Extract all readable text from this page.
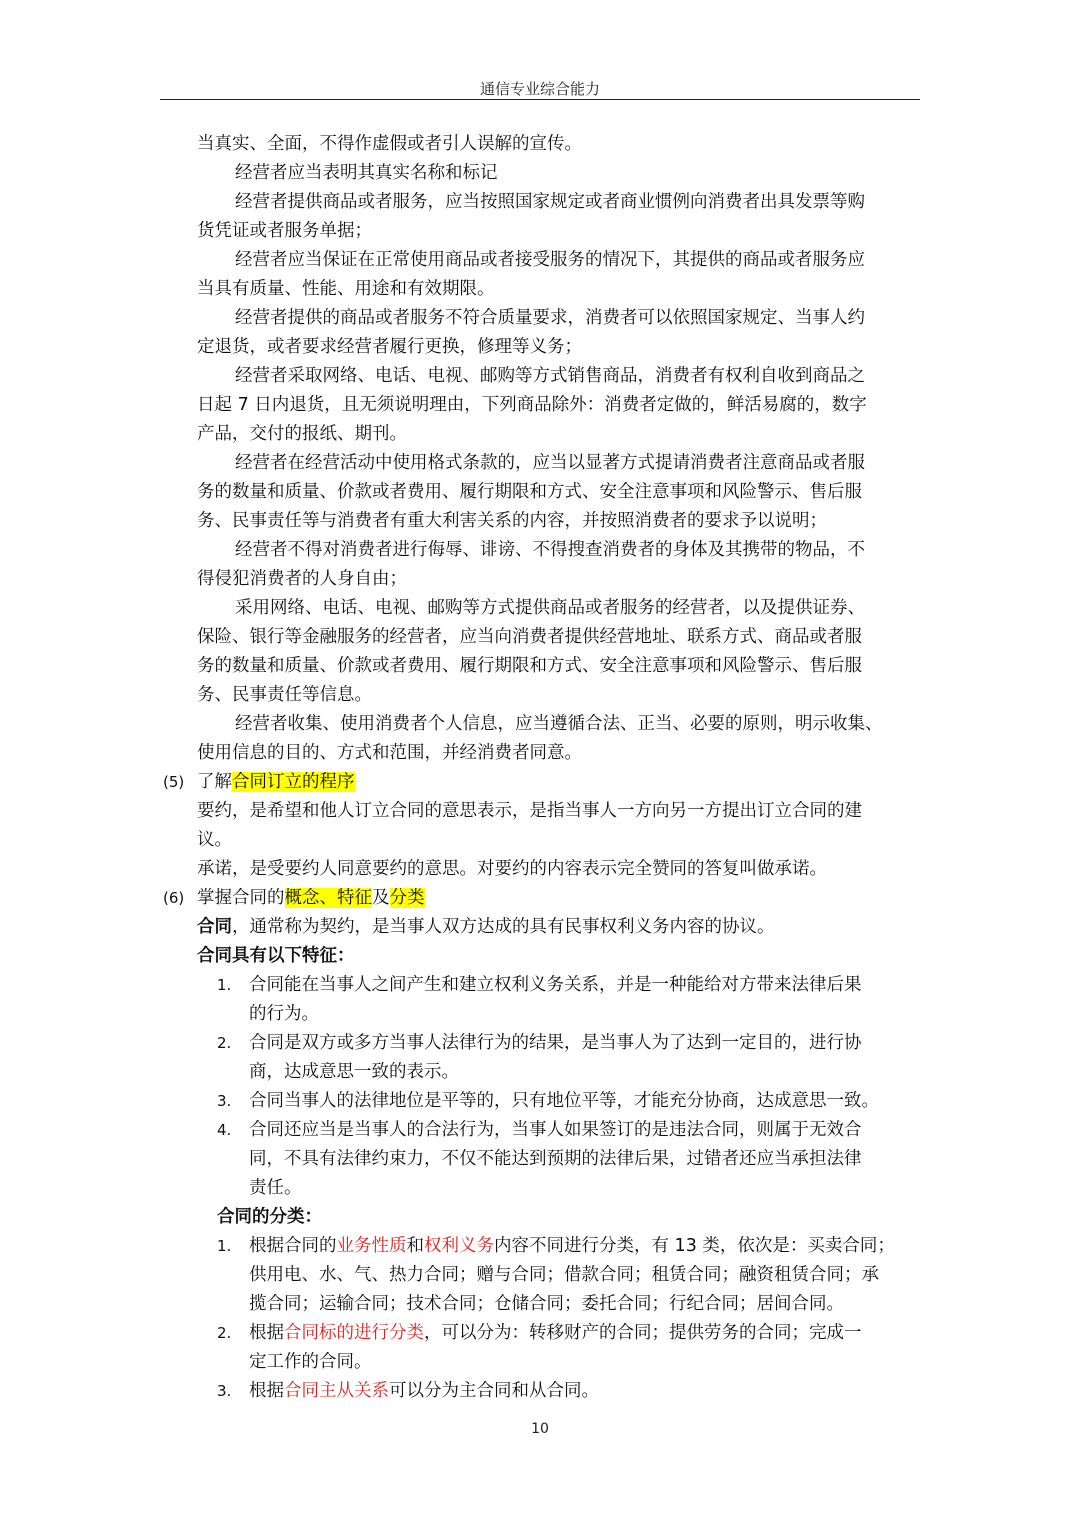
通信专业综合能力
当真实、全面，不得作虚假或者引人误解的宣传。
经营者应当表明其真实名称和标记
经营者提供商品或者服务，应当按照国家规定或者商业惯例向消费者出具发票等购
货凭证或者服务单据；
经营者应当保证在正常使用商品或者接受服务的情况下，其提供的商品或者服务应
当具有质量、性能、用途和有效期限。
经营者提供的商品或者服务不符合质量要求，消费者可以依照国家规定、当事人约
定退货，或者要求经营者履行更换，修理等义务；
经营者采取网络、电话、电视、邮购等方式销售商品，消费者有权利自收到商品之
日起 7 日内退货，且无须说明理由，下列商品除外：消费者定做的，鲜活易腐的，数字
产品，交付的报纸、期刊。
经营者在经营活动中使用格式条款的，应当以显著方式提请消费者注意商品或者服
务的数量和质量、价款或者费用、履行期限和方式、安全注意事项和风险警示、售后服
务、民事责任等与消费者有重大利害关系的内容，并按照消费者的要求予以说明；
经营者不得对消费者进行侮辱、诽谤、不得搜查消费者的身体及其携带的物品，不
得侵犯消费者的人身自由；
采用网络、电话、电视、邮购等方式提供商品或者服务的经营者，以及提供证券、
保险、银行等金融服务的经营者，应当向消费者提供经营地址、联系方式、商品或者服
务的数量和质量、价款或者费用、履行期限和方式、安全注意事项和风险警示、售后服
务、民事责任等信息。
经营者收集、使用消费者个人信息，应当遵循合法、正当、必要的原则，明示收集、
使用信息的目的、方式和范围，并经消费者同意。
(5) 了解合同订立的程序
要约，是希望和他人订立合同的意思表示，是指当事人一方向另一方提出订立合同的建
议。
承诺，是受要约人同意要约的意思。对要约的内容表示完全赞同的答复叫做承诺。
(6) 掌握合同的概念、特征及分类
合同，通常称为契约，是当事人双方达成的具有民事权利义务内容的协议。
合同具有以下特征：
1. 合同能在当事人之间产生和建立权利义务关系，并是一种能给对方带来法律后果
的行为。
2. 合同是双方或多方当事人法律行为的结果，是当事人为了达到一定目的，进行协
商，达成意思一致的表示。
3. 合同当事人的法律地位是平等的，只有地位平等，才能充分协商，达成意思一致。
4. 合同还应当是当事人的合法行为，当事人如果签订的是违法合同，则属于无效合
同，不具有法律约束力，不仅不能达到预期的法律后果，过错者还应当承担法律
责任。
合同的分类：
1. 根据合同的业务性质和权利义务内容不同进行分类，有 13 类，依次是：买卖合同；
供用电、水、气、热力合同；赠与合同；借款合同；租赁合同；融资租赁合同；承
揽合同；运输合同；技术合同；仓储合同；委托合同；行纪合同；居间合同。
2. 根据合同标的进行分类，可以分为：转移财产的合同；提供劳务的合同；完成一
定工作的合同。
3. 根据合同主从关系可以分为主合同和从合同。
10
